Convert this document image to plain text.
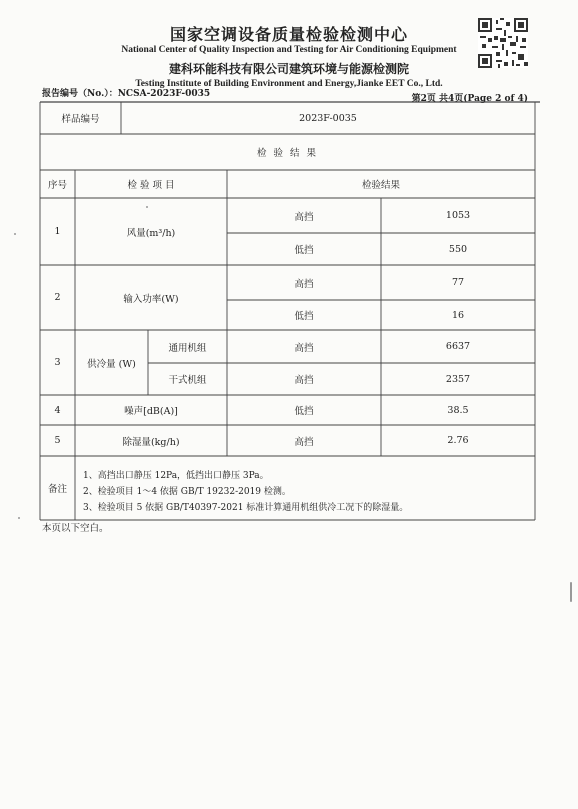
国家空调设备质量检验检测中心
National Center of Quality Inspection and Testing for Air Conditioning Equipment
建科环能科技有限公司建筑环境与能源检测院
Testing Institute of Building Environment and Energy,Jianke EET Co., Ltd.
报告编号（No.）：NCSA-2023F-0035	第2页 共4页(Page 2 of 4)
样品编号	2023F-0035
检 验 结 果
序号	检 验 项 目	检验结果
1	风量(m³/h)
高挡	1053
低挡	550
2	输入功率(W)
高挡	77
低挡	16
3	供冷量 (W)
通用机组	高挡	6637
干式机组	高挡	2357
4	噪声[dB(A)]	低挡	38.5
5	除湿量(kg/h)	高挡	2.76
备注
1、高挡出口静压 12Pa，低挡出口静压 3Pa。
2、检验项目 1～4 依据 GB/T 19232-2019 检测。
3、检验项目 5 依据 GB/T40397-2021 标准计算通用机组供冷工况下的除湿量。
本页以下空白。
